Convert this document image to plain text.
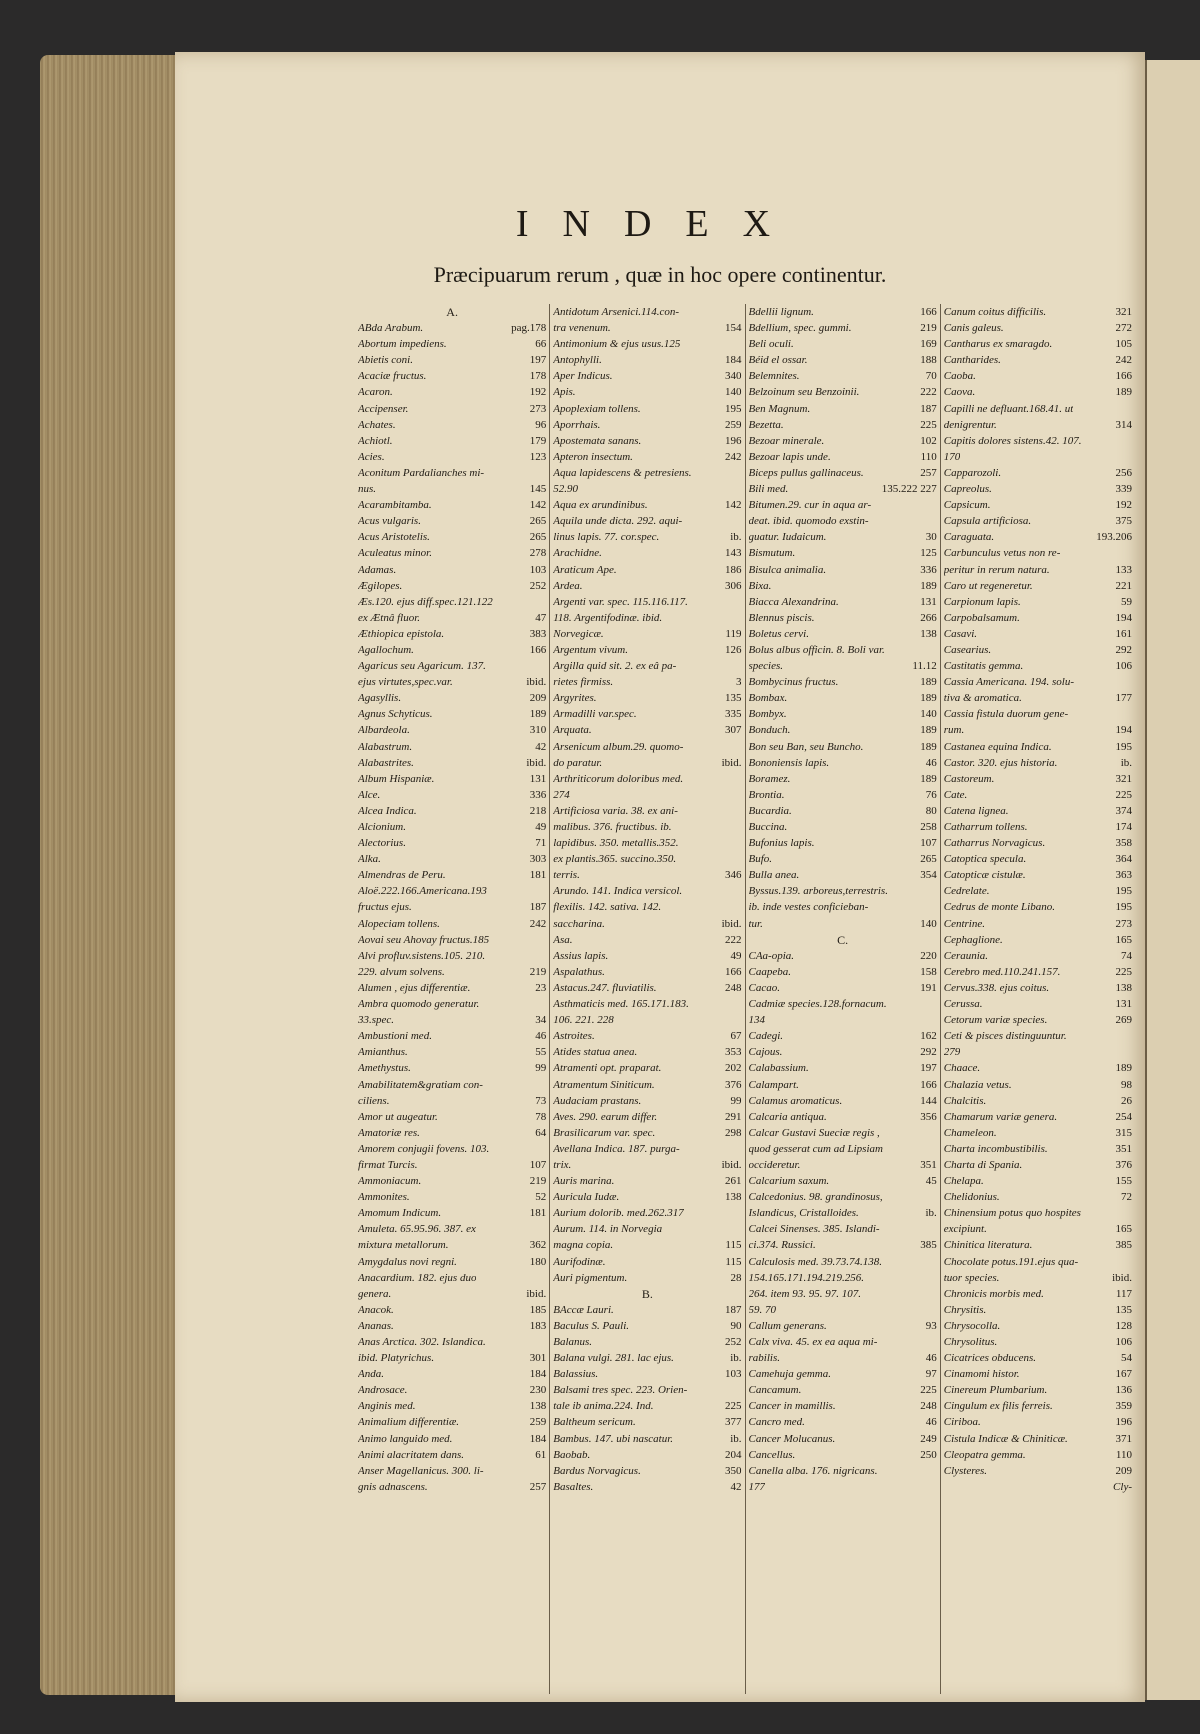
INDEX
Præcipuarum rerum , quæ in hoc opere continentur.
A.
ABda Arabum.	pag.178
Abortum impediens.	66
Abietis coni.	197
Acaciæ fructus.	178
Acaron.	192
Accipenser.	273
Achates.	96
Achiotl.	179
Acies.	123
Aconitum Pardalianches mi-
nus.	145
Acarambitamba.	142
Acus vulgaris.	265
Acus Aristotelis.	265
Aculeatus minor.	278
Adamas.	103
Ægilopes.	252
Æs.120. ejus diff.spec.121.122
ex Ætnâ fluor.	47
Æthiopica epistola.	383
Agallochum.	166
Agaricus seu Agaricum. 137.
ejus virtutes,spec.var.	ibid.
Agasyllis.	209
Agnus Schyticus.	189
Albardeola.	310
Alabastrum.	42
Alabastrites.	ibid.
Album Hispaniæ.	131
Alce.	336
Alcea Indica.	218
Alcionium.	49
Alectorius.	71
Alka.	303
Almendras de Peru.	181
Aloë.222.166.Americana.193
fructus ejus.	187
Alopeciam tollens.	242
Aovai seu Ahovay fructus.185
Alvi profluv.sistens.105. 210.
229. alvum solvens.	219
Alumen , ejus differentiæ.	23
Ambra quomodo generatur.
33.spec.	34
Ambustioni med.	46
Amianthus.	55
Amethystus.	99
Amabilitatem&gratiam con-
ciliens.	73
Amor ut augeatur.	78
Amatoriæ res.	64
Amorem conjugii fovens. 103.
firmat Turcis.	107
Ammoniacum.	219
Ammonites.	52
Amomum Indicum.	181
Amuleta. 65.95.96. 387. ex
mixtura metallorum.	362
Amygdalus novi regni.	180
Anacardium. 182. ejus duo
genera.	ibid.
Anacok.	185
Ananas.	183
Anas Arctica. 302. Islandica.
ibid. Platyrichus.	301
Anda.	184
Androsace.	230
Anginis med.	138
Animalium differentiæ.	259
Animo languido med.	184
Animi alacritatem dans.	61
Anser Magellanicus. 300. li-
gnis adnascens.	257
Antidotum Arsenici.114.con-
tra venenum.	154
Antimonium & ejus usus.125
Antophylli.	184
Aper Indicus.	340
Apis.	140
Apoplexiam tollens.	195
Aporrhais.	259
Apostemata sanans.	196
Apteron insectum.	242
Aqua lapidescens & petresiens.
52.90
Aqua ex arundinibus.	142
Aquila unde dicta. 292. aqui-
linus lapis. 77. cor.spec.	ib.
Arachidne.	143
Araticum Ape.	186
Ardea.	306
Argenti var. spec. 115.116.117.
118. Argentifodinæ. ibid.
Norvegicæ.	119
Argentum vivum.	126
Argilla quid sit. 2. ex eâ pa-
rietes firmiss.	3
Argyrites.	135
Armadilli var.spec.	335
Arquata.	307
Arsenicum album.29. quomo-
do paratur.	ibid.
Arthriticorum doloribus med.
274
Artificiosa varia. 38. ex ani-
malibus. 376. fructibus. ib.
lapidibus. 350. metallis.352.
ex plantis.365. succino.350.
terris.	346
Arundo. 141. Indica versicol.
flexilis. 142. sativa. 142.
saccharina.	ibid.
Asa.	222
Assius lapis.	49
Aspalathus.	166
Astacus.247. fluviatilis.	248
Asthmaticis med. 165.171.183.
106. 221. 228
Astroites.	67
Atides statua anea.	353
Atramenti opt. praparat.	202
Atramentum Siniticum.	376
Audaciam prastans.	99
Aves. 290. earum differ.	291
Brasilicarum var. spec.	298
Avellana Indica. 187. purga-
trix.	ibid.
Auris marina.	261
Auricula Iudæ.	138
Aurium dolorib. med.262.317
Aurum. 114. in Norvegia
magna copia.	115
Aurifodinæ.	115
Auri pigmentum.	28
B.
BAccæ Lauri.	187
Baculus S. Pauli.	90
Balanus.	252
Balana vulgi. 281. lac ejus.	ib.
Balassius.	103
Balsami tres spec. 223. Orien-
tale ib anima.224. Ind.	225
Baltheum sericum.	377
Bambus. 147. ubi nascatur.	ib.
Baobab.	204
Bardus Norvagicus.	350
Basaltes.	42
Bdellii lignum.	166
Bdellium, spec. gummi.	219
Beli oculi.	169
Béid el ossar.	188
Belemnites.	70
Belzoinum seu Benzoinii.	222
Ben Magnum.	187
Bezetta.	225
Bezoar minerale.	102
Bezoar lapis unde.	110
Biceps pullus gallinaceus.	257
Bili med.	135.222 227
Bitumen.29. cur in aqua ar-
deat. ibid. quomodo exstin-
guatur. Iudaicum.	30
Bismutum.	125
Bisulca animalia.	336
Bixa.	189
Biacca Alexandrina.	131
Blennus piscis.	266
Boletus cervi.	138
Bolus albus officin. 8. Boli var.
species.	11.12
Bombycinus fructus.	189
Bombax.	189
Bombyx.	140
Bonduch.	189
Bon seu Ban, seu Buncho.	189
Bononiensis lapis.	46
Boramez.	189
Brontia.	76
Bucardia.	80
Buccina.	258
Bufonius lapis.	107
Bufo.	265
Bulla anea.	354
Byssus.139. arboreus,terrestris.
ib. inde vestes conficieban-
tur.	140
C.
CAa-opia.	220
Caapeba.	158
Cacao.	191
Cadmiæ species.128.fornacum.
134
Cadegi.	162
Cajous.	292
Calabassium.	197
Calampart.	166
Calamus aromaticus.	144
Calcaria antiqua.	356
Calcar Gustavi Sueciæ regis ,
quod gesserat cum ad Lipsiam
occideretur.	351
Calcarium saxum.	45
Calcedonius. 98. grandinosus,
Islandicus, Cristalloides.	ib.
Calcei Sinenses. 385. Islandi-
ci.374. Russici.	385
Calculosis med. 39.73.74.138.
154.165.171.194.219.256.
264. item 93. 95. 97. 107.
59. 70
Callum generans.	93
Calx viva. 45. ex ea aqua mi-
rabilis.	46
Camehuja gemma.	97
Cancamum.	225
Cancer in mamillis.	248
Cancro med.	46
Cancer Molucanus.	249
Cancellus.	250
Canella alba. 176. nigricans.
177
Canum coitus difficilis.	321
Canis galeus.	272
Cantharus ex smaragdo.	105
Cantharides.	242
Caoba.	166
Caova.	189
Capilli ne defluant.168.41. ut
denigrentur.	314
Capitis dolores sistens.42. 107.
170
Capparozoli.	256
Capreolus.	339
Capsicum.	192
Capsula artificiosa.	375
Caraguata.	193.206
Carbunculus vetus non re-
peritur in rerum natura.	133
Caro ut regeneretur.	221
Carpionum lapis.	59
Carpobalsamum.	194
Casavi.	161
Casearius.	292
Castitatis gemma.	106
Cassia Americana. 194. solu-
tiva & aromatica.	177
Cassia fistula duorum gene-
rum.	194
Castanea equina Indica.	195
Castor. 320. ejus historia.	ib.
Castoreum.	321
Cate.	225
Catena lignea.	374
Catharrum tollens.	174
Catharrus Norvagicus.	358
Catoptica specula.	364
Catopticæ cistulæ.	363
Cedrelate.	195
Cedrus de monte Libano.	195
Centrine.	273
Cephaglione.	165
Ceraunia.	74
Cerebro med.110.241.157.	225
Cervus.338. ejus coitus.	138
Cerussa.	131
Cetorum variæ species.	269
Ceti & pisces distinguuntur.
279
Chaace.	189
Chalazia vetus.	98
Chalcitis.	26
Chamarum variæ genera.	254
Chameleon.	315
Charta incombustibilis.	351
Charta di Spania.	376
Chelapa.	155
Chelidonius.	72
Chinensium potus quo hospites
excipiunt.	165
Chinitica literatura.	385
Chocolate potus.191.ejus qua-
tuor species.	ibid.
Chronicis morbis med.	117
Chrysitis.	135
Chrysocolla.	128
Chrysolitus.	106
Cicatrices obducens.	54
Cinamomi histor.	167
Cinereum Plumbarium.	136
Cingulum ex filis ferreis.	359
Ciriboa.	196
Cistula Indicæ & Chiniticæ.	371
Cleopatra gemma.	110
Clysteres.	209
Cly-
